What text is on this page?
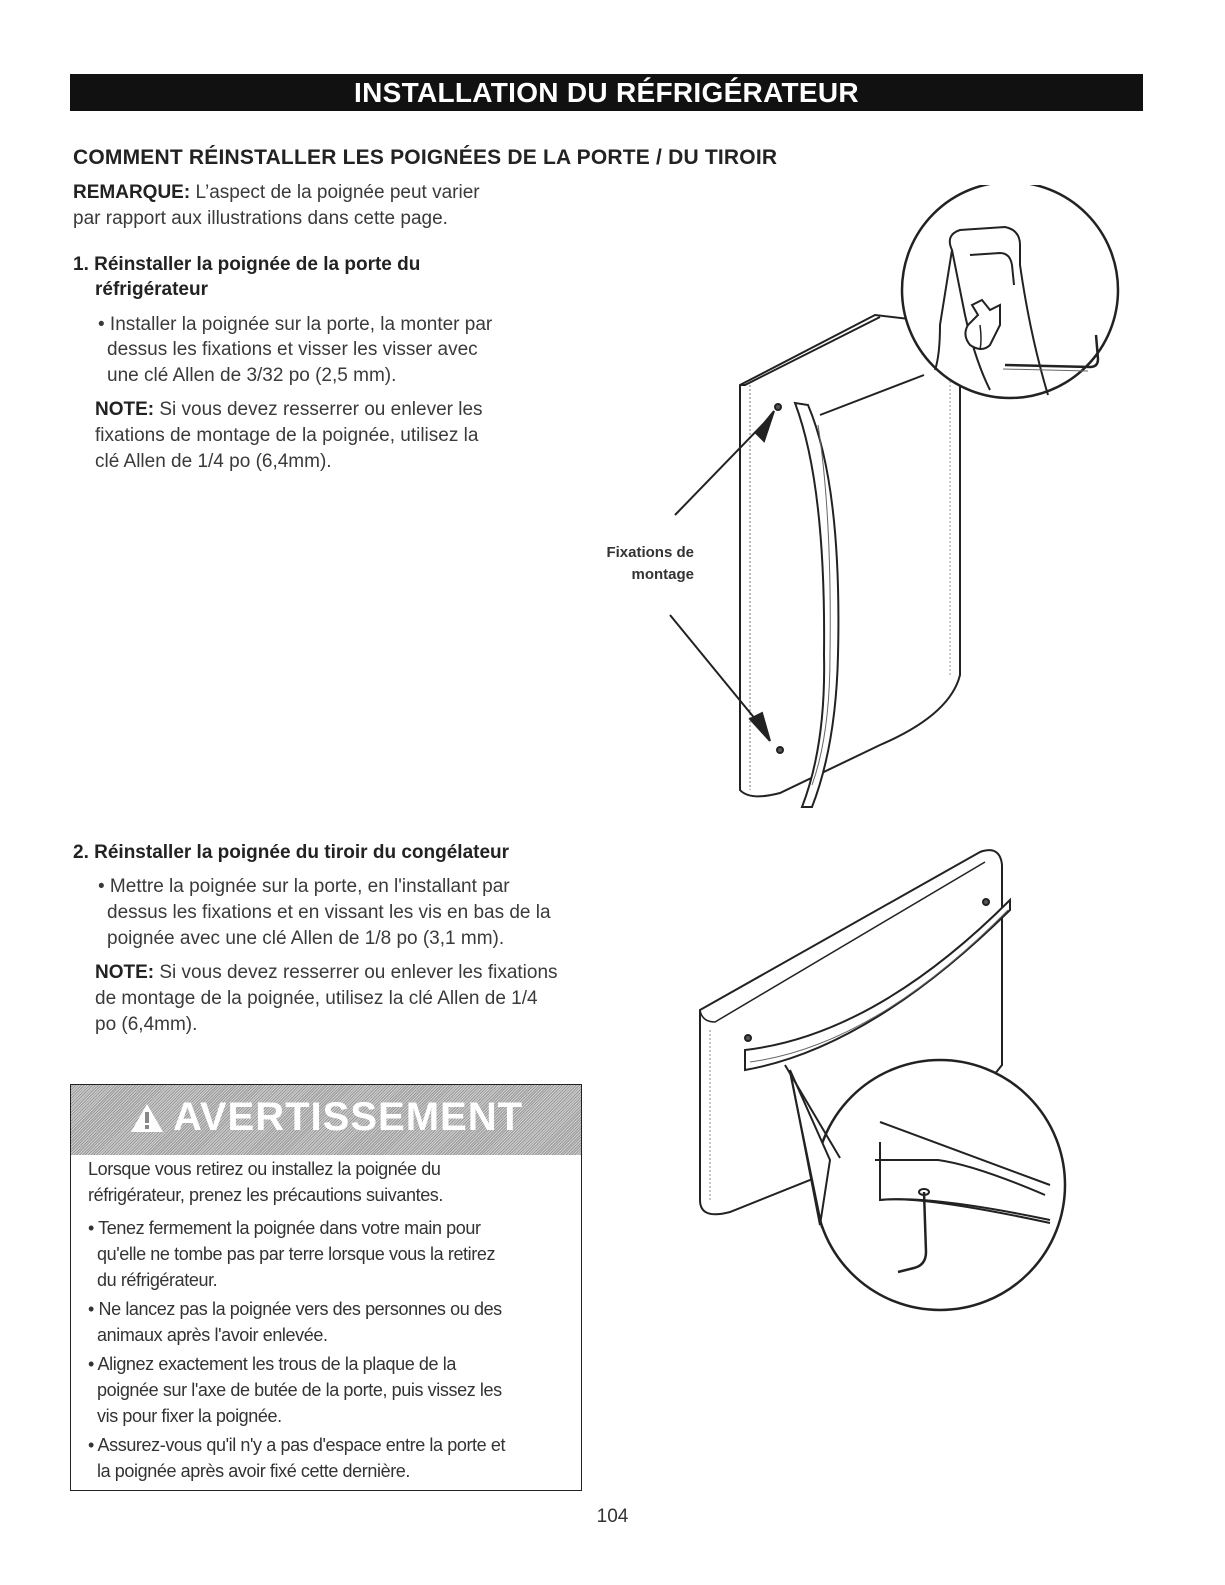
INSTALLATION DU RÉFRIGÉRATEUR
COMMENT RÉINSTALLER LES POIGNÉES DE LA PORTE / DU TIROIR
REMARQUE: L’aspect de la poignée peut varier
par rapport aux illustrations dans cette page.
1. Réinstaller la poignée de la porte du
réfrigérateur
• Installer la poignée sur la porte, la monter par
dessus les fixations et visser les visser avec
une clé Allen de 3/32 po (2,5 mm).
NOTE: Si vous devez resserrer ou enlever les
fixations de montage de la poignée, utilisez la
clé Allen de 1/4 po (6,4mm).
Fixations de
montage
2. Réinstaller la poignée du tiroir du congélateur
• Mettre la poignée sur la porte, en l'installant par
dessus les fixations et en vissant les vis en bas de la
poignée avec une clé Allen de 1/8 po (3,1 mm).
NOTE: Si vous devez resserrer ou enlever les fixations
de montage de la poignée, utilisez la clé Allen de 1/4
po (6,4mm).
AVERTISSEMENT
Lorsque vous retirez ou installez la poignée du
réfrigérateur, prenez les précautions suivantes.
• Tenez fermement la poignée dans votre main pour
qu'elle ne tombe pas par terre lorsque vous la retirez
du réfrigérateur.
• Ne lancez pas la poignée vers des personnes ou des
animaux après l'avoir enlevée.
• Alignez exactement les trous de la plaque de la
poignée sur l'axe de butée de la porte, puis vissez les
vis pour fixer la poignée.
• Assurez-vous qu'il n'y a pas d'espace entre la porte et
la poignée après avoir fixé cette dernière.
104
